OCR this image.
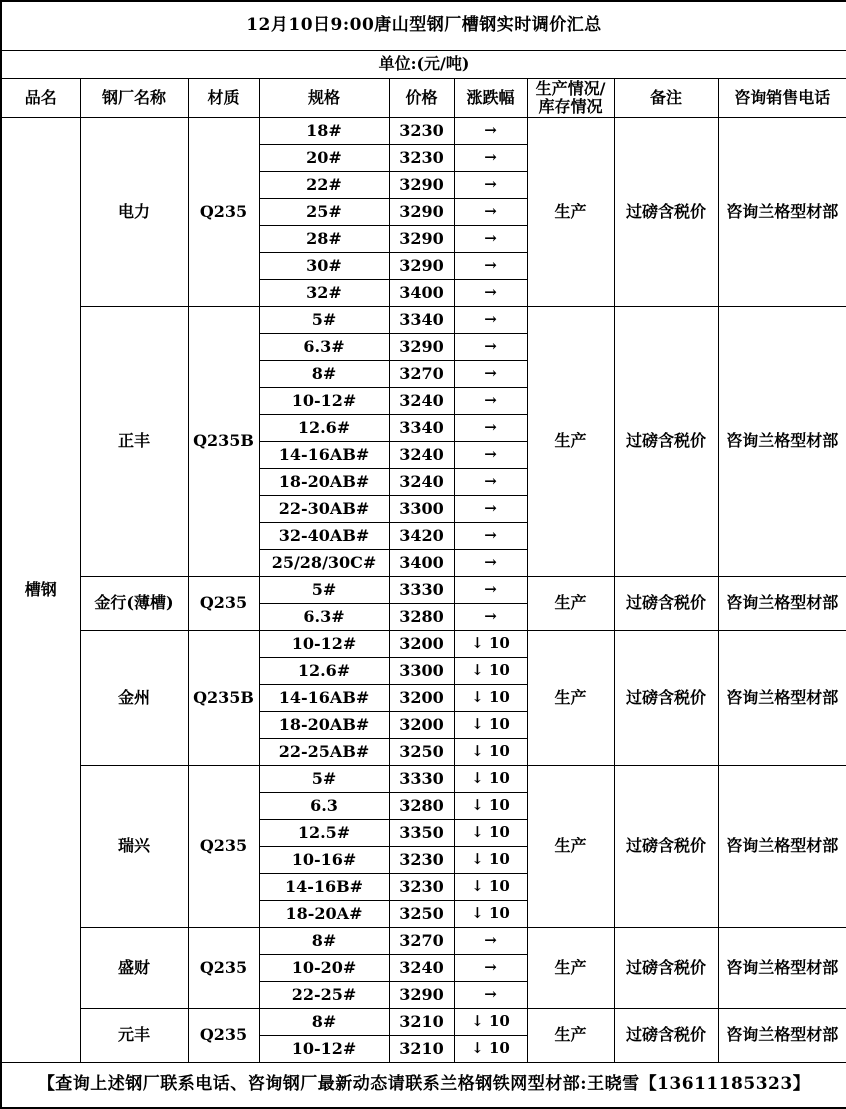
12月10日9:00唐山型钢厂槽钢实时调价汇总								
单位:(元/吨)								
品名	钢厂名称	材质	规格	价格	涨跌幅	生产情况/库存情况	备注	咨询销售电话
槽钢	电力	Q235	18#	3230	→	生产	过磅含税价	咨询兰格型材部
			20#	3230	→			
			22#	3290	→			
			25#	3290	→			
			28#	3290	→			
			30#	3290	→			
			32#	3400	→			
	正丰	Q235B	5#	3340	→	生产	过磅含税价	咨询兰格型材部
			6.3#	3290	→			
			8#	3270	→			
			10-12#	3240	→			
			12.6#	3340	→			
			14-16AB#	3240	→			
			18-20AB#	3240	→			
			22-30AB#	3300	→			
			32-40AB#	3420	→			
			25/28/30C#	3400	→			
	金行(薄槽)	Q235	5#	3330	→	生产	过磅含税价	咨询兰格型材部
			6.3#	3280	→			
	金州	Q235B	10-12#	3200	↓ 10	生产	过磅含税价	咨询兰格型材部
			12.6#	3300	↓ 10			
			14-16AB#	3200	↓ 10			
			18-20AB#	3200	↓ 10			
			22-25AB#	3250	↓ 10			
	瑞兴	Q235	5#	3330	↓ 10	生产	过磅含税价	咨询兰格型材部
			6.3	3280	↓ 10			
			12.5#	3350	↓ 10			
			10-16#	3230	↓ 10			
			14-16B#	3230	↓ 10			
			18-20A#	3250	↓ 10			
	盛财	Q235	8#	3270	→	生产	过磅含税价	咨询兰格型材部
			10-20#	3240	→			
			22-25#	3290	→			
	元丰	Q235	8#	3210	↓ 10	生产	过磅含税价	咨询兰格型材部
			10-12#	3210	↓ 10			
【查询上述钢厂联系电话、咨询钢厂最新动态请联系兰格钢铁网型材部:王晓雪【13611185323】								
